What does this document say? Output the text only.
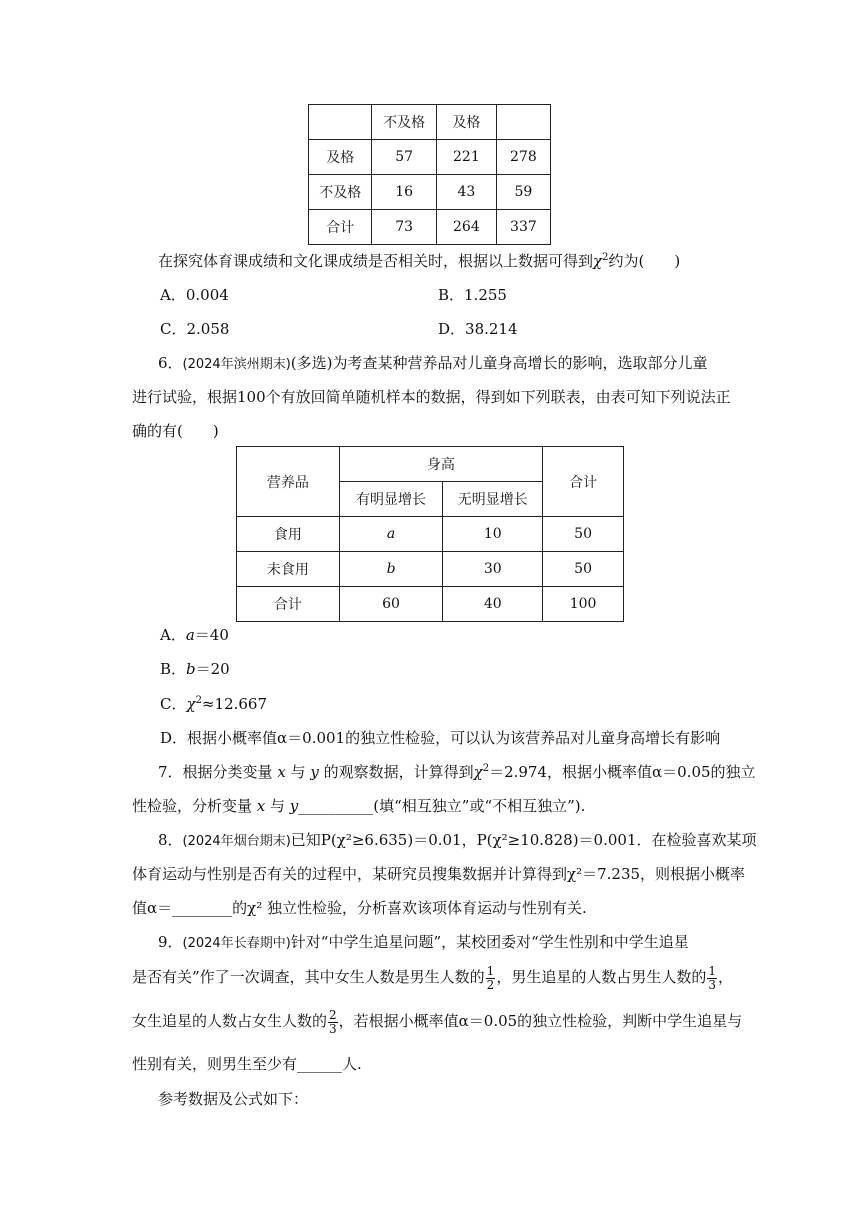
	不及格	及格	
及格	57	221	278
不及格	16	43	59
合计	73	264	337
在探究体育课成绩和文化课成绩是否相关时，根据以上数据可得到$\chi^2$约为(　　)
A．0.004	B．1.255
C．2.058	D．38.214
6．(2024年滨州期末)(多选)为考查某种营养品对儿童身高增长的影响，选取部分儿童
进行试验，根据100个有放回简单随机样本的数据，得到如下列联表，由表可知下列说法正
确的有(　　)
营养品	身高		合计
	有明显增长	无明显增长	
食用	a	10	50
未食用	b	30	50
合计	60	40	100
A．a＝40
B．b＝20
C．$\chi^2\approx 12.667$
D．根据小概率值α＝0.001的独立性检验，可以认为该营养品对儿童身高增长有影响
7．根据分类变量 x 与 y 的观察数据，计算得到$\chi^2=2.974$，根据小概率值α＝0.05的独立
性检验，分析变量 x 与 y__________(填“相互独立”或“不相互独立”).
8．(2024年烟台期末)已知P(χ²≥6.635)＝0.01，P(χ²≥10.828)＝0.001．在检验喜欢某项
体育运动与性别是否有关的过程中，某研究员搜集数据并计算得到χ²＝7.235，则根据小概率
值α＝________的χ² 独立性检验，分析喜欢该项体育运动与性别有关.
9．(2024年长春期中)针对“中学生追星问题”，某校团委对“学生性别和中学生追星
是否有关”作了一次调查，其中女生人数是男生人数的 $\frac{1}{2}$ ，男生追星的人数占男生人数的 $\frac{1}{3}$ ，
女生追星的人数占女生人数的 $\frac{2}{3}$ ，若根据小概率值α＝0.05的独立性检验，判断中学生追星与
性别有关，则男生至少有______人.
参考数据及公式如下：
